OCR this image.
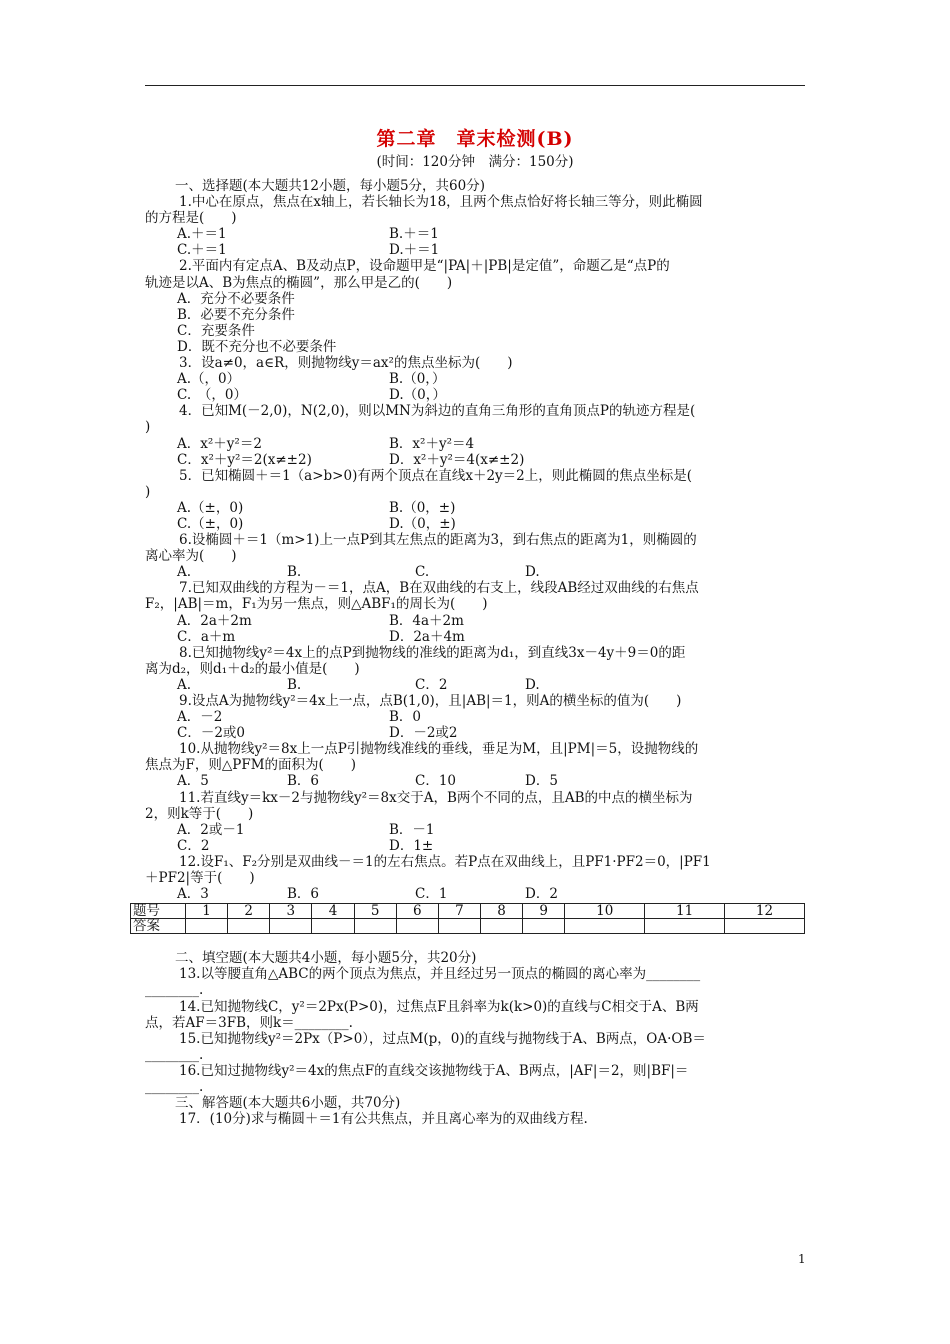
第二章　章末检测(B)
(时间：120分钟　满分：150分)
一、选择题(本大题共12小题，每小题5分，共60分)
1.中心在原点，焦点在x轴上，若长轴长为18，且两个焦点恰好将长轴三等分，则此椭圆
的方程是(　　)
A.＋＝1	B.＋＝1
C.＋＝1	D.＋＝1
2.平面内有定点A、B及动点P，设命题甲是“|PA|＋|PB|是定值”，命题乙是“点P的
轨迹是以A、B为焦点的椭圆”，那么甲是乙的(　　)
A．充分不必要条件
B．必要不充分条件
C．充要条件
D．既不充分也不必要条件
3．设a≠0，a∈R，则抛物线y＝ax²的焦点坐标为(　　)
A.（，0）	B.（0，）
C.　（，0）	D.（0，）
4．已知M(－2,0)，N(2,0)，则以MN为斜边的直角三角形的直角顶点P的轨迹方程是(
)
A．x²＋y²＝2	B．x²＋y²＝4
C．x²＋y²＝2(x≠±2)	D．x²＋y²＝4(x≠±2)
5．已知椭圆＋＝1（a>b>0)有两个顶点在直线x＋2y＝2上，则此椭圆的焦点坐标是(
)
A.（±，0)	B.（0，±)
C.（±，0)	D.（0，±)
6.设椭圆＋＝1（m>1)上一点P到其左焦点的距离为3，到右焦点的距离为1，则椭圆的
离心率为(　　)
A.	B.	C.	D.
7.已知双曲线的方程为－＝1，点A，B在双曲线的右支上，线段AB经过双曲线的右焦点
F₂，|AB|＝m，F₁为另一焦点，则△ABF₁的周长为(　　)
A．2a＋2m	B．4a＋2m
C．a＋m	D．2a＋4m
8.已知抛物线y²＝4x上的点P到抛物线的准线的距离为d₁，到直线3x－4y＋9＝0的距
离为d₂，则d₁＋d₂的最小值是(　　)
A.	B.	C．2	D.
9.设点A为抛物线y²＝4x上一点，点B(1,0)，且|AB|＝1，则A的横坐标的值为(　　)
A．－2	B．0
C．－2或0	D．－2或2
10.从抛物线y²＝8x上一点P引抛物线准线的垂线，垂足为M，且|PM|＝5，设抛物线的
焦点为F，则△PFM的面积为(　　)
A．5	B．6	C．10	D．5
11.若直线y＝kx－2与抛物线y²＝8x交于A，B两个不同的点，且AB的中点的横坐标为
2，则k等于(　　)
A．2或－1	B．－1
C．2	D．1±
12.设F₁、F₂分别是双曲线－＝1的左右焦点。若P点在双曲线上，且PF1·PF2＝0，|PF1
＋PF2|等于(　　)
A．3	B．6	C．1	D．2
题号	1	2	3	4	5	6	7	8	9	10	11	12
答案												
二、填空题(本大题共4小题，每小题5分，共20分)
13.以等腰直角△ABC的两个顶点为焦点，并且经过另一顶点的椭圆的离心率为________
________.
14.已知抛物线C，y²＝2Px(P>0)，过焦点F且斜率为k(k>0)的直线与C相交于A、B两
点，若AF＝3FB，则k＝________.
15.已知抛物线y²＝2Px（P>0），过点M(p，0)的直线与抛物线于A、B两点，OA·OB＝
________.
16.已知过抛物线y²＝4x的焦点F的直线交该抛物线于A、B两点，|AF|＝2，则|BF|＝
________.
三、解答题(本大题共6小题，共70分)
17．(10分)求与椭圆＋＝1有公共焦点，并且离心率为的双曲线方程.
1
